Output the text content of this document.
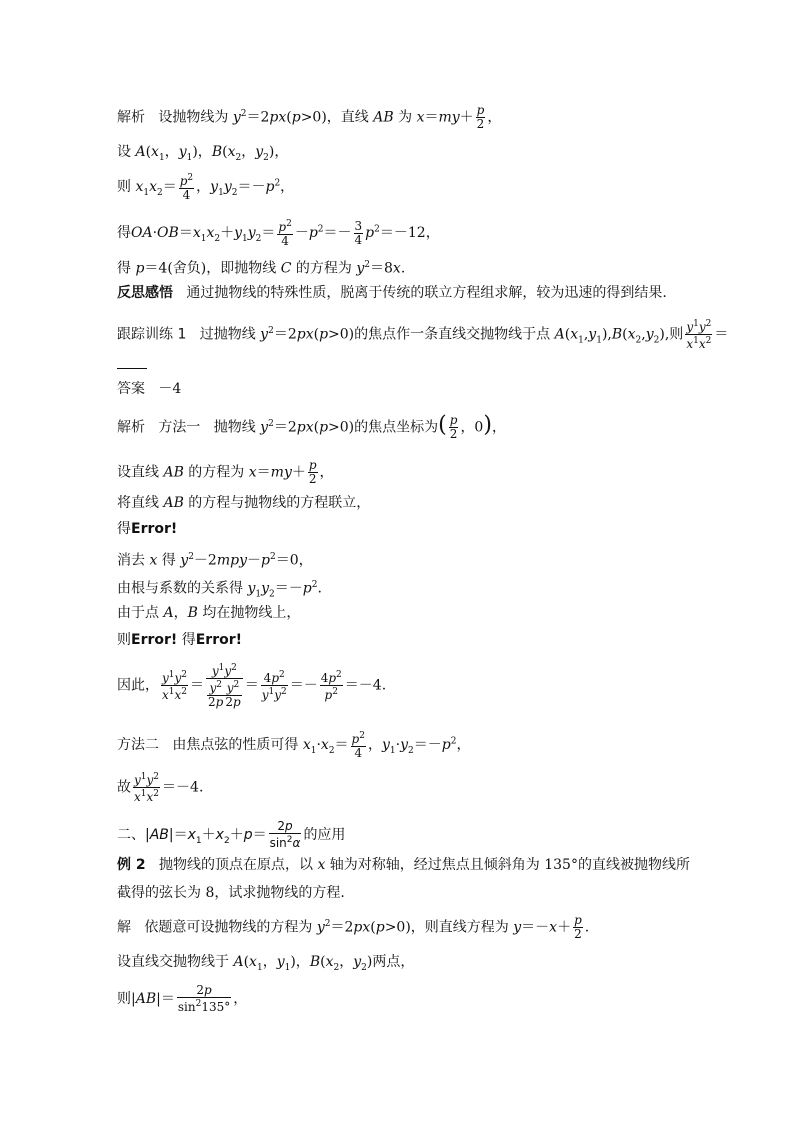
解析   设抛物线为 $y^2=2px(p>0)$，直线 AB 为 $x=my+ \frac{p}{2}$ ，
设 $A(x_1$，$y_1$)，$B(x_2$，$y_2$)，
则 $x_1x_2= \frac{p^2}{4}$ ，$y_1y_2=-p^2$，
得$OA\cdot OB=x_1x_2+y_1y_2= \frac{p^2}{4} -p^2=- \frac{3}{4} p^2=-12$，
得 p＝4(舍负)，即抛物线 C 的方程为 $y^2=8x$.
反思感悟   通过抛物线的特殊性质，脱离于传统的联立方程组求解，较为迅速的得到结果.
跟踪训练 1   过抛物线 $y^2=2px(p>0)$的焦点作一条直线交抛物线于点 $A(x_1,y_1),B(x_2,y_2)$,则 $\frac{y^1y^2}{x^1x^2}$ ＝
答案   －4
解析 方法一   抛物线 $y^2=2px(p>0)$的焦点坐标为( $\frac{p}{2}$ ，0)，
设直线 AB 的方程为 $x=my+ \frac{p}{2}$ ，
将直线 AB 的方程与抛物线的方程联立，
得Error!
消去 x 得 $y^2-2mpy-p^2=0$，
由根与系数的关系得 $y_1y_2=-p^2$.
由于点 A，B 均在抛物线上，
则Error! 得Error!
因此， $\frac{y^1y^2}{x^1x^2} = \frac{y^1y^2}{\frac{y^2}{2p} \frac{y^2}{2p}} = \frac{4p^2}{y^1y^2} =- \frac{4p^2}{p^2} =-4$.
方法二   由焦点弦的性质可得 $x_1\cdot x_2= \frac{p^2}{4}$ ，$y_1\cdot y_2=-p^2$，
故 $\frac{y^1y^2}{x^1x^2} =-4$.
二、$|AB|=x_1+x_2+p= \frac{2p}{\sin^2\alpha}$ 的应用
例 2   抛物线的顶点在原点，以 x 轴为对称轴，经过焦点且倾斜角为 135°的直线被抛物线所
截得的弦长为 8，试求抛物线的方程.
解   依题意可设抛物线的方程为 $y^2=2px(p>0)$，则直线方程为 $y=-x+ \frac{p}{2}$ .
设直线交抛物线于 $A(x_1$，$y_1$)，$B(x_2$，$y_2$)两点，
则$|AB|= \frac{2p}{\sin^2135^\circ}$ ，
